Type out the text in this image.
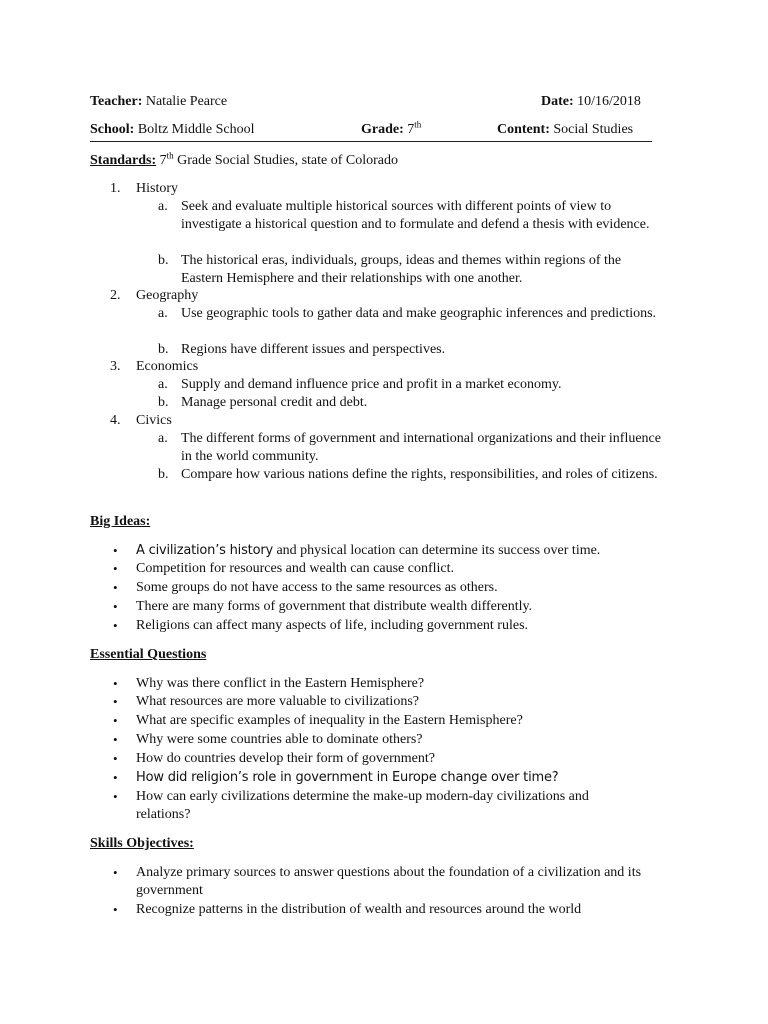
Teacher: Natalie Pearce	Date: 10/16/2018
School: Boltz Middle School	Grade: 7th	Content: Social Studies
Standards: 7th Grade Social Studies, state of Colorado
1. History
a. Seek and evaluate multiple historical sources with different points of view to investigate a historical question and to formulate and defend a thesis with evidence.
b. The historical eras, individuals, groups, ideas and themes within regions of the Eastern Hemisphere and their relationships with one another.
2. Geography
a. Use geographic tools to gather data and make geographic inferences and predictions.
b. Regions have different issues and perspectives.
3. Economics
a. Supply and demand influence price and profit in a market economy.
b. Manage personal credit and debt.
4. Civics
a. The different forms of government and international organizations and their influence in the world community.
b. Compare how various nations define the rights, responsibilities, and roles of citizens.
Big Ideas:
• A civilization’s history and physical location can determine its success over time.
• Competition for resources and wealth can cause conflict.
• Some groups do not have access to the same resources as others.
• There are many forms of government that distribute wealth differently.
• Religions can affect many aspects of life, including government rules.
Essential Questions
• Why was there conflict in the Eastern Hemisphere?
• What resources are more valuable to civilizations?
• What are specific examples of inequality in the Eastern Hemisphere?
• Why were some countries able to dominate others?
• How do countries develop their form of government?
• How did religion’s role in government in Europe change over time?
• How can early civilizations determine the make-up modern-day civilizations and relations?
Skills Objectives:
• Analyze primary sources to answer questions about the foundation of a civilization and its government
• Recognize patterns in the distribution of wealth and resources around the world
